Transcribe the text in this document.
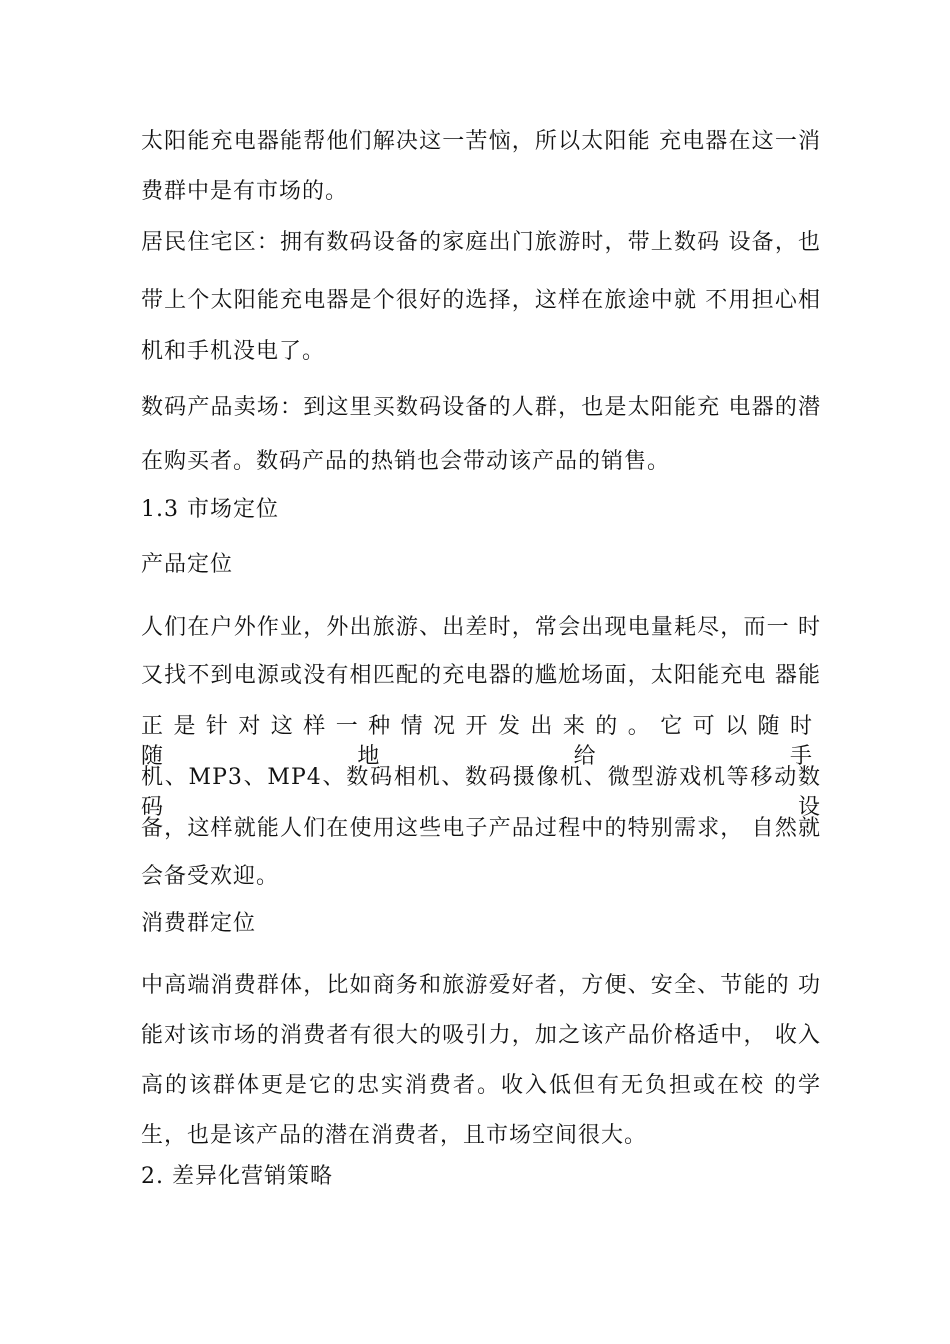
太阳能充电器能帮他们解决这一苦恼，所以太阳能 充电器在这一消
费群中是有市场的。
居民住宅区：拥有数码设备的家庭出门旅游时，带上数码 设备，也
带上个太阳能充电器是个很好的选择，这样在旅途中就 不用担心相
机和手机没电了。
数码产品卖场：到这里买数码设备的人群，也是太阳能充 电器的潜
在购买者。数码产品的热销也会带动该产品的销售。
1.3 市场定位
产品定位
人们在户外作业，外出旅游、出差时，常会出现电量耗尽，而一 时
又找不到电源或没有相匹配的充电器的尴尬场面，太阳能充电 器能
正是针对这样一种情况开发出来的。它可以随时随地给手
机、MP3、MP4、数码相机、数码摄像机、微型游戏机等移动数 码设
备，这样就能人们在使用这些电子产品过程中的特别需求， 自然就
会备受欢迎。
消费群定位
中高端消费群体，比如商务和旅游爱好者，方便、安全、节能的 功
能对该市场的消费者有很大的吸引力，加之该产品价格适中， 收入
高的该群体更是它的忠实消费者。收入低但有无负担或在校 的学
生，也是该产品的潜在消费者，且市场空间很大。
2. 差异化营销策略
